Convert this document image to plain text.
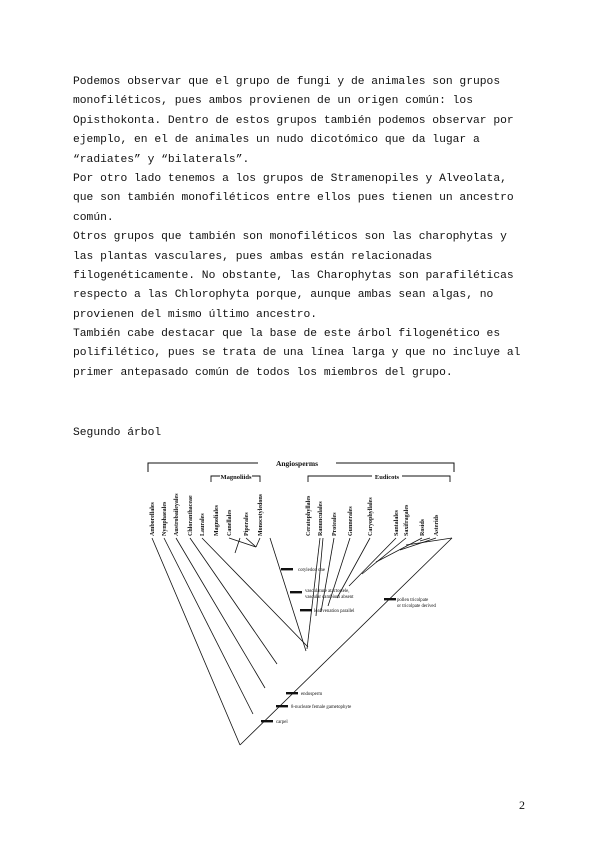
Podemos observar que el grupo de fungi y de animales son grupos
monofiléticos, pues ambos provienen de un origen común: los
Opisthokonta. Dentro de estos grupos también podemos observar por
ejemplo, en el de animales un nudo dicotómico que da lugar a
“radiates” y “bilaterals”.
Por otro lado tenemos a los grupos de Stramenopiles y Alveolata,
que son también monofiléticos entre ellos pues tienen un ancestro
común.
Otros grupos que también son monofiléticos son las charophytas y
las plantas vasculares, pues ambas están relacionadas
filogenéticamente. No obstante, las Charophytas son parafiléticas
respecto a las Chlorophyta porque, aunque ambas sean algas, no
provienen del mismo último ancestro.
También cabe destacar que la base de este árbol filogenético es
polifilético, pues se trata de una línea larga y que no incluye al
primer antepasado común de todos los miembros del grupo.
Segundo árbol
Angiosperms
Magnoliids	Eudicots
Amborellales Nymphaeales Austrobaileyales Chloranthaceae Laurales Magnoliales Canellales Piperales Monocotyledons	Ceratophyllales Ranunculales Proteales Gunnerales Caryophyllales	Santalales Saxifragales Rosids Asterids
cotyledon one
vasculature atactostele,
vascular cambium absent
leaf venation parallel
pollen tricolpate
or tricolpate derived
endosperm
8-nucleate female gametophyte
carpel
2
